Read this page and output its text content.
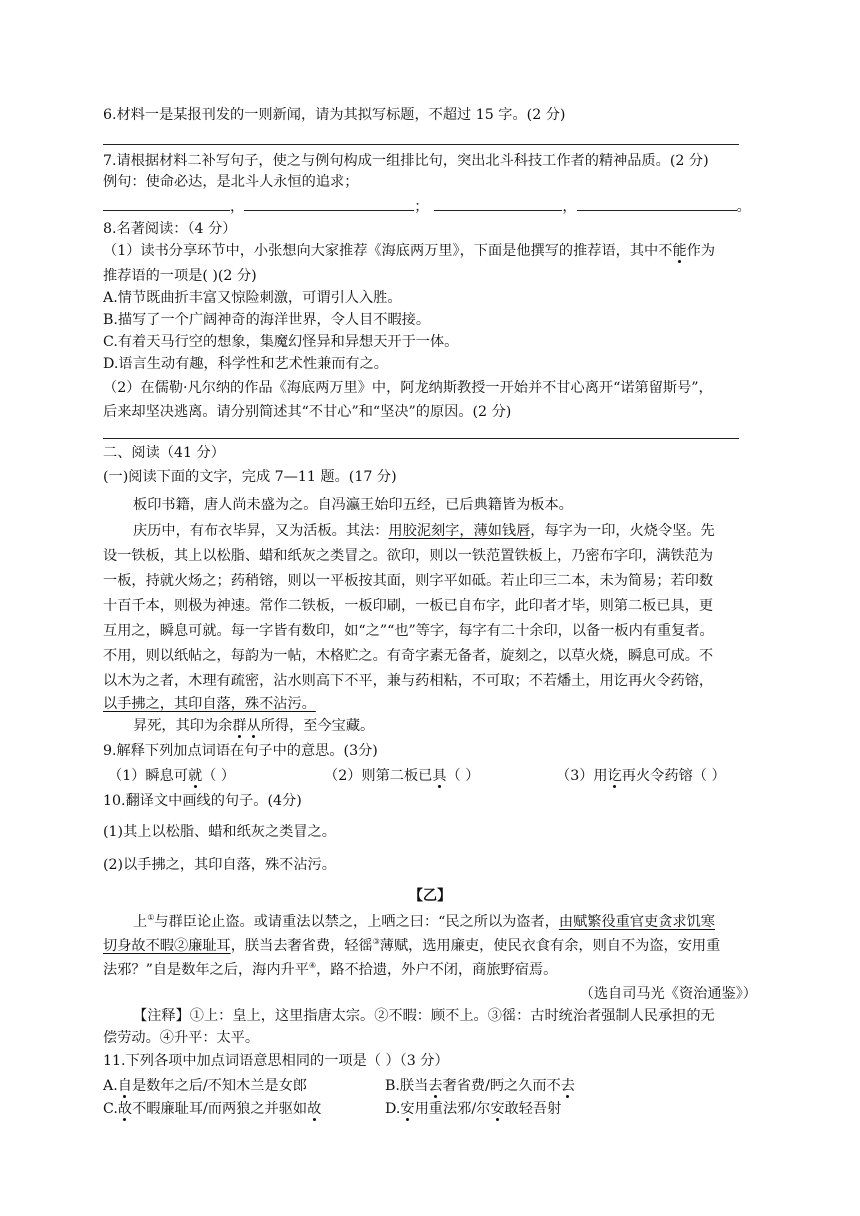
6.材料一是某报刊发的一则新闻，请为其拟写标题，不超过 15 字。(2 分)
7.请根据材料二补写句子，使之与例句构成一组排比句，突出北斗科技工作者的精神品质。(2 分)
例句：使命必达，是北斗人永恒的追求；
，	；	，	。
8.名著阅读：（4 分）
（1）读书分享环节中，小张想向大家推荐《海底两万里》，下面是他撰写的推荐语，其中不能作为
推荐语的一项是( )(2 分)
A.情节既曲折丰富又惊险刺激，可谓引人入胜。
B.描写了一个广阔神奇的海洋世界，令人目不暇接。
C.有着天马行空的想象，集魔幻怪异和异想天开于一体。
D.语言生动有趣，科学性和艺术性兼而有之。
（2）在儒勒·凡尔纳的作品《海底两万里》中，阿龙纳斯教授一开始并不甘心离开“诺第留斯号”，
后来却坚决逃离。请分别简述其“不甘心”和“坚决”的原因。(2 分)
二、阅读（41 分）
(一)阅读下面的文字，完成 7—11 题。(17 分)
板印书籍，唐人尚未盛为之。自冯瀛王始印五经，已后典籍皆为板本。
庆历中，有布衣毕昇，又为活板。其法：用胶泥刻字，薄如钱唇，每字为一印，火烧令坚。先
设一铁板，其上以松脂、蜡和纸灰之类冒之。欲印，则以一铁范置铁板上，乃密布字印，满铁范为
一板，持就火炀之；药稍镕，则以一平板按其面，则字平如砥。若止印三二本，未为简易；若印数
十百千本，则极为神速。常作二铁板，一板印刷，一板已自布字，此印者才毕，则第二板已具，更
互用之，瞬息可就。每一字皆有数印，如“之”“也”等字，每字有二十余印，以备一板内有重复者。
不用，则以纸帖之，每韵为一帖，木格贮之。有奇字素无备者，旋刻之，以草火烧，瞬息可成。不
以木为之者，木理有疏密，沾水则高下不平，兼与药相粘，不可取；不若燔土，用讫再火令药镕，
以手拂之，其印自落，殊不沾污。
昇死，其印为余群从所得，至今宝藏。
9.解释下列加点词语在句子中的意思。(3分)
（1）瞬息可就（ ）	（2）则第二板已具（ ）	（3）用讫再火令药镕（ ）
10.翻译文中画线的句子。(4分)
(1)其上以松脂、蜡和纸灰之类冒之。
(2)以手拂之，其印自落，殊不沾污。
【乙】
上①与群臣论止盗。或请重法以禁之，上哂之曰：“民之所以为盗者，由赋繁役重官吏贪求饥寒
切身故不暇②廉耻耳，朕当去奢省费，轻徭③薄赋，选用廉吏，使民衣食有余，则自不为盗，安用重
法邪？”自是数年之后，海内升平④，路不拾遗，外户不闭，商旅野宿焉。
（选自司马光《资治通鉴》）
【注释】①上：皇上，这里指唐太宗。②不暇：顾不上。③徭：古时统治者强制人民承担的无
偿劳动。④升平：太平。
11.下列各项中加点词语意思相同的一项是（ ）（3 分）
A.自是数年之后/不知木兰是女郎	B.朕当去奢省费/眄之久而不去
C.故不暇廉耻耳/而两狼之并驱如故	D.安用重法邪/尔安敢轻吾射
